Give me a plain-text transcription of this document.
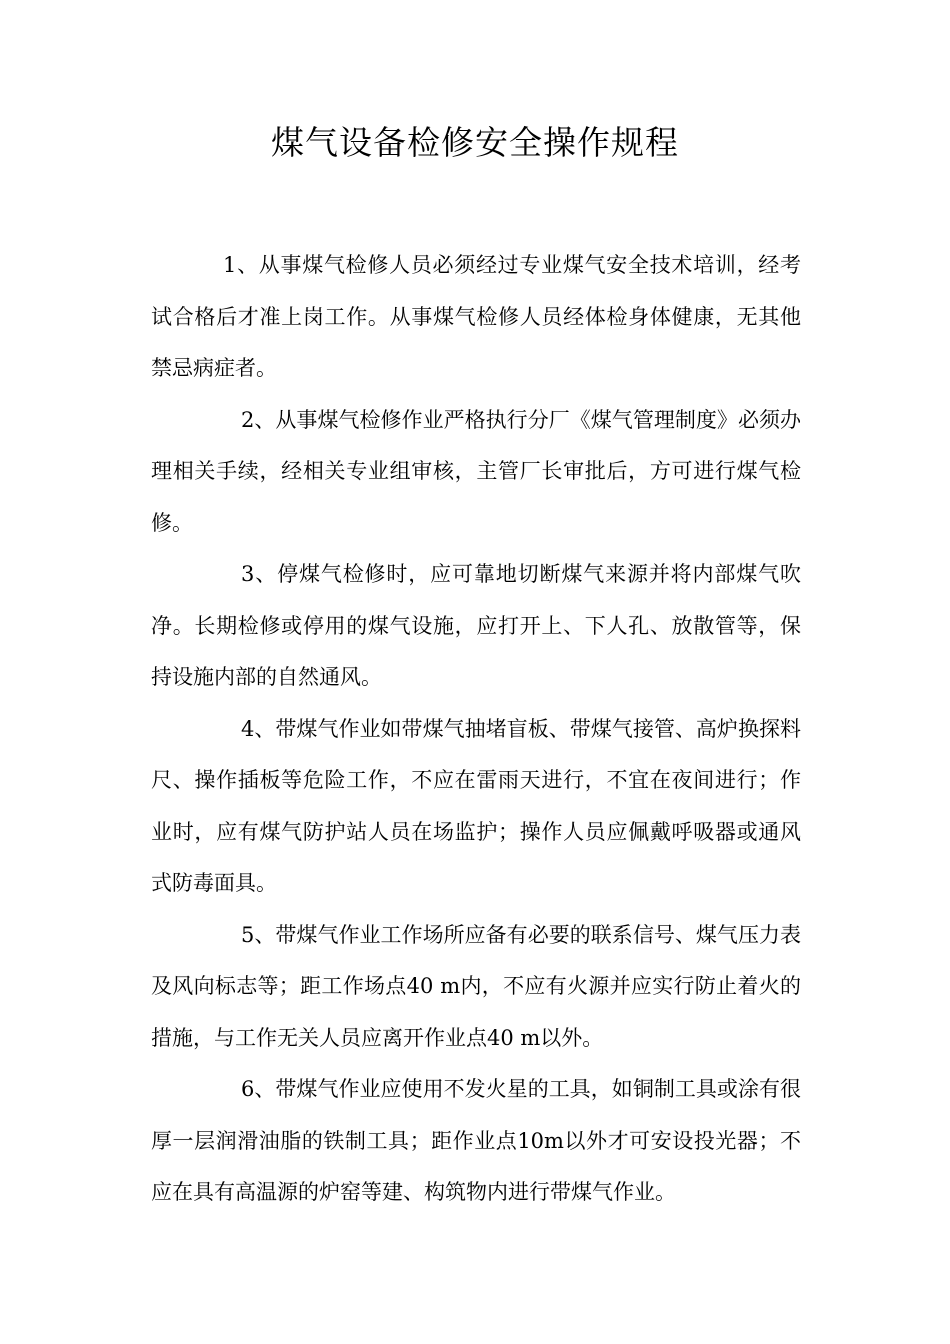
煤气设备检修安全操作规程

1、从事煤气检修人员必须经过专业煤气安全技术培训，经考试合格后才准上岗工作。从事煤气检修人员经体检身体健康，无其他禁忌病症者。

2、从事煤气检修作业严格执行分厂《煤气管理制度》必须办理相关手续，经相关专业组审核，主管厂长审批后，方可进行煤气检修。

3、停煤气检修时，应可靠地切断煤气来源并将内部煤气吹净。长期检修或停用的煤气设施，应打开上、下人孔、放散管等，保持设施内部的自然通风。

4、带煤气作业如带煤气抽堵盲板、带煤气接管、高炉换探料尺、操作插板等危险工作，不应在雷雨天进行，不宜在夜间进行；作业时，应有煤气防护站人员在场监护；操作人员应佩戴呼吸器或通风式防毒面具。

5、带煤气作业工作场所应备有必要的联系信号、煤气压力表及风向标志等；距工作场点40 m内，不应有火源并应实行防止着火的措施，与工作无关人员应离开作业点40 m以外。

6、带煤气作业应使用不发火星的工具，如铜制工具或涂有很厚一层润滑油脂的铁制工具；距作业点10m以外才可安设投光器；不应在具有高温源的炉窑等建、构筑物内进行带煤气作业。
